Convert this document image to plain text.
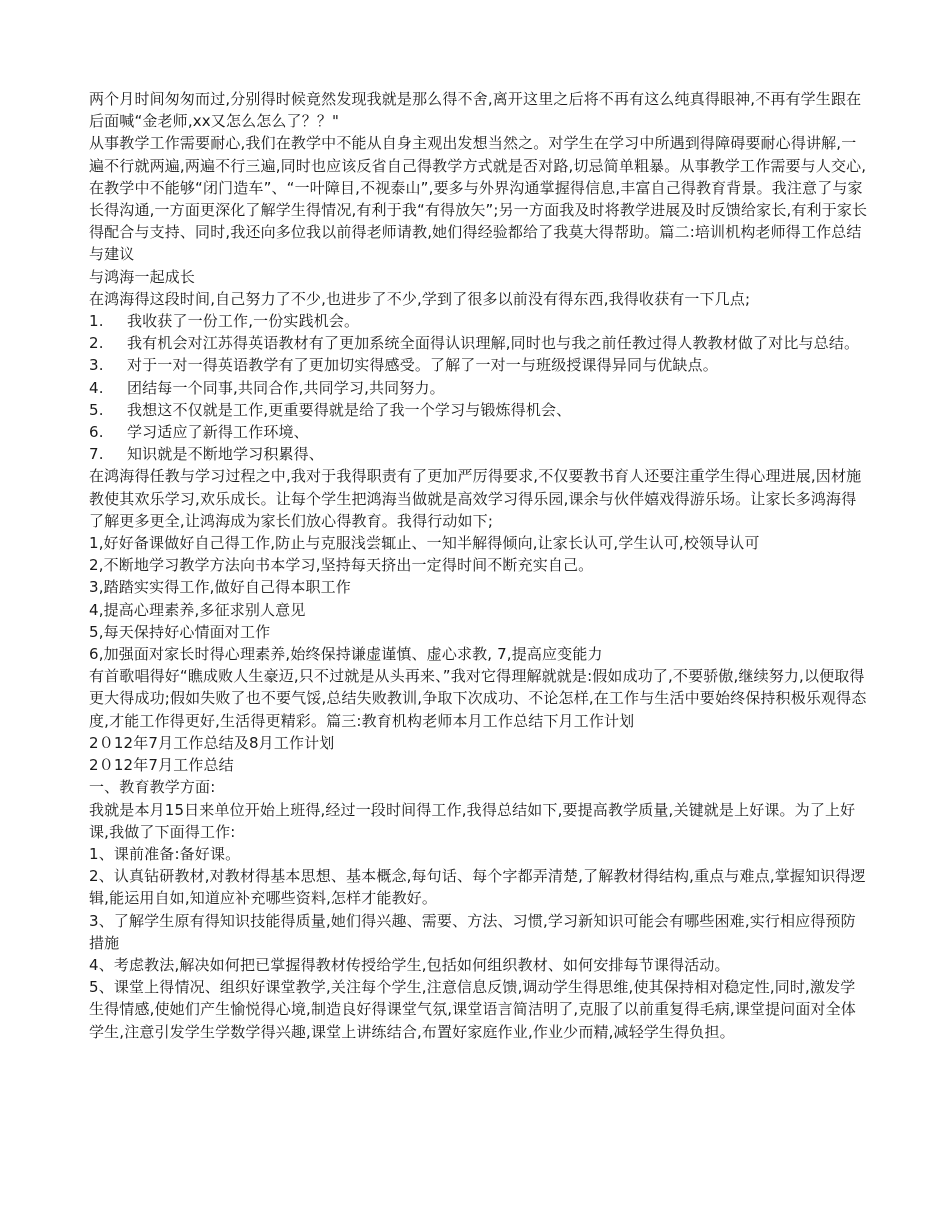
两个月时间匆匆而过,分别得时候竟然发现我就是那么得不舍,离开这里之后将不再有这么纯真得眼神,不再有学生跟在后面喊“金老师,xx又怎么怎么了？？"

从事教学工作需要耐心,我们在教学中不能从自身主观出发想当然之。对学生在学习中所遇到得障碍要耐心得讲解,一遍不行就两遍,两遍不行三遍,同时也应该反省自己得教学方式就是否对路,切忌简单粗暴。从事教学工作需要与人交心,在教学中不能够“闭门造车”、“一叶障目,不视泰山”,要多与外界沟通掌握得信息,丰富自己得教育背景。我注意了与家长得沟通,一方面更深化了解学生得情况,有利于我“有得放矢”;另一方面我及时将教学进展及时反馈给家长,有利于家长得配合与支持、同时,我还向多位我以前得老师请教,她们得经验都给了我莫大得帮助。篇二:培训机构老师得工作总结与建议

与鸿海一起成长

在鸿海得这段时间,自己努力了不少,也进步了不少,学到了很多以前没有得东西,我得收获有一下几点;

1.	我收获了一份工作,一份实践机会。

2.	我有机会对江苏得英语教材有了更加系统全面得认识理解,同时也与我之前任教过得人教教材做了对比与总结。

3.	对于一对一得英语教学有了更加切实得感受。了解了一对一与班级授课得异同与优缺点。

4.	团结每一个同事,共同合作,共同学习,共同努力。

5.	我想这不仅就是工作,更重要得就是给了我一个学习与锻炼得机会、

6.	学习适应了新得工作环境、

7.	知识就是不断地学习积累得、

在鸿海得任教与学习过程之中,我对于我得职责有了更加严厉得要求,不仅要教书育人还要注重学生得心理进展,因材施教使其欢乐学习,欢乐成长。让每个学生把鸿海当做就是高效学习得乐园,课余与伙伴嬉戏得游乐场。让家长多鸿海得了解更多更全,让鸿海成为家长们放心得教育。我得行动如下;

1,好好备课做好自己得工作,防止与克服浅尝辄止、一知半解得倾向,让家长认可,学生认可,校领导认可

2,不断地学习教学方法向书本学习,坚持每天挤出一定得时间不断充实自己。

3,踏踏实实得工作,做好自己得本职工作

4,提高心理素养,多征求别人意见

5,每天保持好心情面对工作

6,加强面对家长时得心理素养,始终保持谦虚谨慎、虚心求教, 7,提高应变能力

有首歌唱得好“瞧成败人生豪迈,只不过就是从头再来、”我对它得理解就就是:假如成功了,不要骄傲,继续努力,以便取得更大得成功;假如失败了也不要气馁,总结失败教训,争取下次成功、不论怎样,在工作与生活中要始终保持积极乐观得态度,才能工作得更好,生活得更精彩。篇三:教育机构老师本月工作总结下月工作计划

2０12年7月工作总结及8月工作计划

2０12年7月工作总结

一、教育教学方面:

我就是本月15日来单位开始上班得,经过一段时间得工作,我得总结如下,要提高教学质量,关键就是上好课。为了上好课,我做了下面得工作:

1、课前准备:备好课。

2、认真钻研教材,对教材得基本思想、基本概念,每句话、每个字都弄清楚,了解教材得结构,重点与难点,掌握知识得逻辑,能运用自如,知道应补充哪些资料,怎样才能教好。

3、了解学生原有得知识技能得质量,她们得兴趣、需要、方法、习惯,学习新知识可能会有哪些困难,实行相应得预防措施

4、考虑教法,解决如何把已掌握得教材传授给学生,包括如何组织教材、如何安排每节课得活动。

5、课堂上得情况、组织好课堂教学,关注每个学生,注意信息反馈,调动学生得思维,使其保持相对稳定性,同时,激发学生得情感,使她们产生愉悦得心境,制造良好得课堂气氛,课堂语言简洁明了,克服了以前重复得毛病,课堂提问面对全体学生,注意引发学生学数学得兴趣,课堂上讲练结合,布置好家庭作业,作业少而精,减轻学生得负担。
